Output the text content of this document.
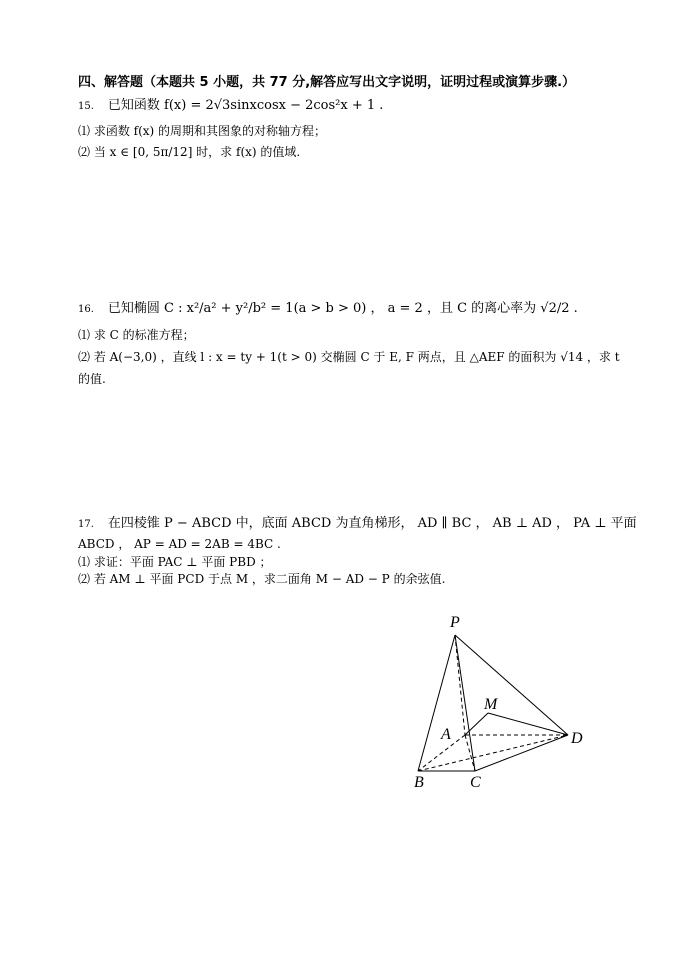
四、解答题（本题共 5 小题，共 77 分,解答应写出文字说明，证明过程或演算步骤.）
15. 已知函数 f(x) = 2√3sinxcosx − 2cos²x + 1 .
⑴ 求函数 f(x) 的周期和其图象的对称轴方程；
⑵ 当 x ∈ [0, 5π/12] 时，求 f(x) 的值域.
16. 已知椭圆 C : x²/a² + y²/b² = 1(a > b > 0) ， a = 2 ，且 C 的离心率为 √2/2 .
⑴ 求 C 的标准方程；
⑵ 若 A(−3,0) ，直线 l : x = ty + 1(t > 0) 交椭圆 C 于 E, F 两点，且 △AEF 的面积为 √14 ，求 t
的值.
17. 在四棱锥 P − ABCD 中，底面 ABCD 为直角梯形， AD ∥ BC ， AB ⊥ AD ， PA ⊥ 平面
ABCD ， AP = AD = 2AB = 4BC .
⑴ 求证：平面 PAC ⊥ 平面 PBD ；
⑵ 若 AM ⊥ 平面 PCD 于点 M ，求二面角 M − AD − P 的余弦值.
P
M
A	D
B	C
